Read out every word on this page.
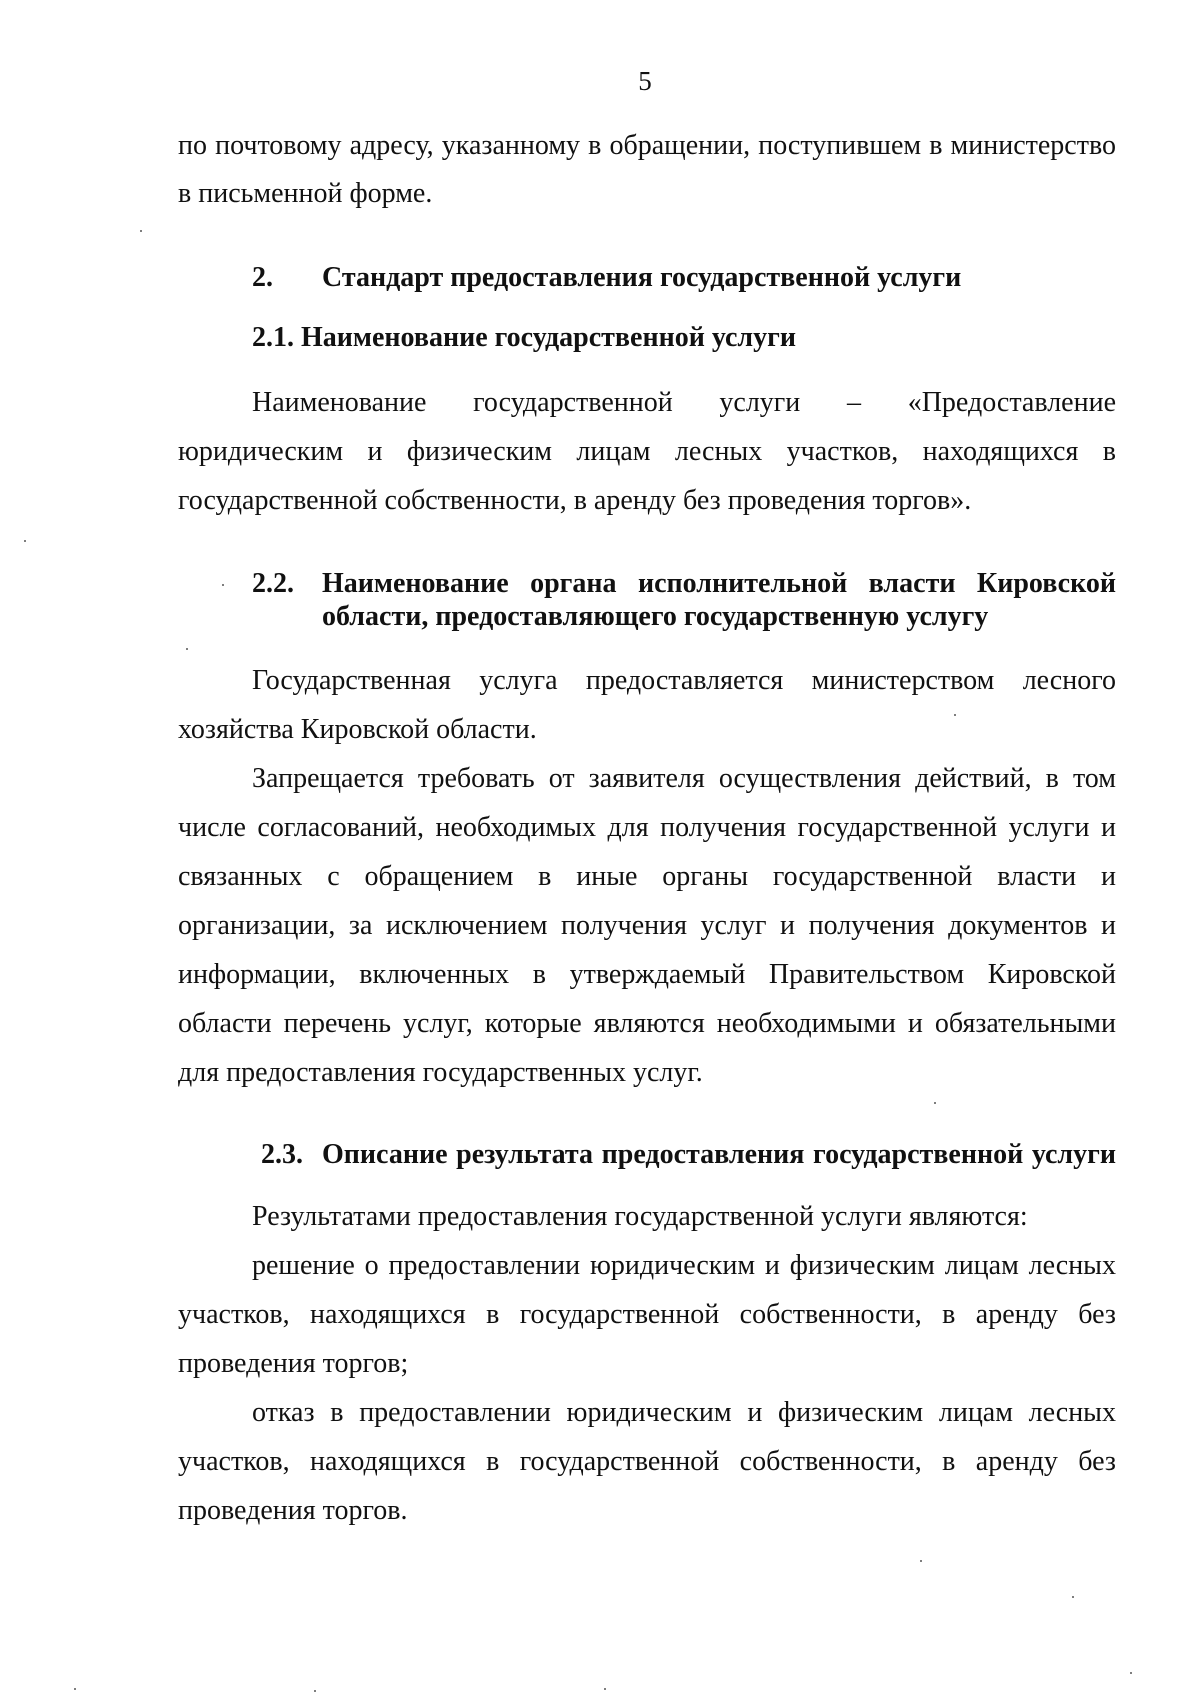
5
по почтовому адресу, указанному в обращении, поступившем в министерство
в письменной форме.
2. Стандарт предоставления государственной услуги
2.1. Наименование государственной услуги
Наименование государственной услуги – «Предоставление
юридическим и физическим лицам лесных участков, находящихся в
государственной собственности, в аренду без проведения торгов».
2.2. Наименование органа исполнительной власти Кировской
области, предоставляющего государственную услугу
Государственная услуга предоставляется министерством лесного
хозяйства Кировской области.
Запрещается требовать от заявителя осуществления действий, в том
числе согласований, необходимых для получения государственной услуги и
связанных с обращением в иные органы государственной власти и
организации, за исключением получения услуг и получения документов и
информации, включенных в утверждаемый Правительством Кировской
области перечень услуг, которые являются необходимыми и обязательными
для предоставления государственных услуг.
2.3. Описание результата предоставления государственной услуги
Результатами предоставления государственной услуги являются:
решение о предоставлении юридическим и физическим лицам лесных
участков, находящихся в государственной собственности, в аренду без
проведения торгов;
отказ в предоставлении юридическим и физическим лицам лесных
участков, находящихся в государственной собственности, в аренду без
проведения торгов.
